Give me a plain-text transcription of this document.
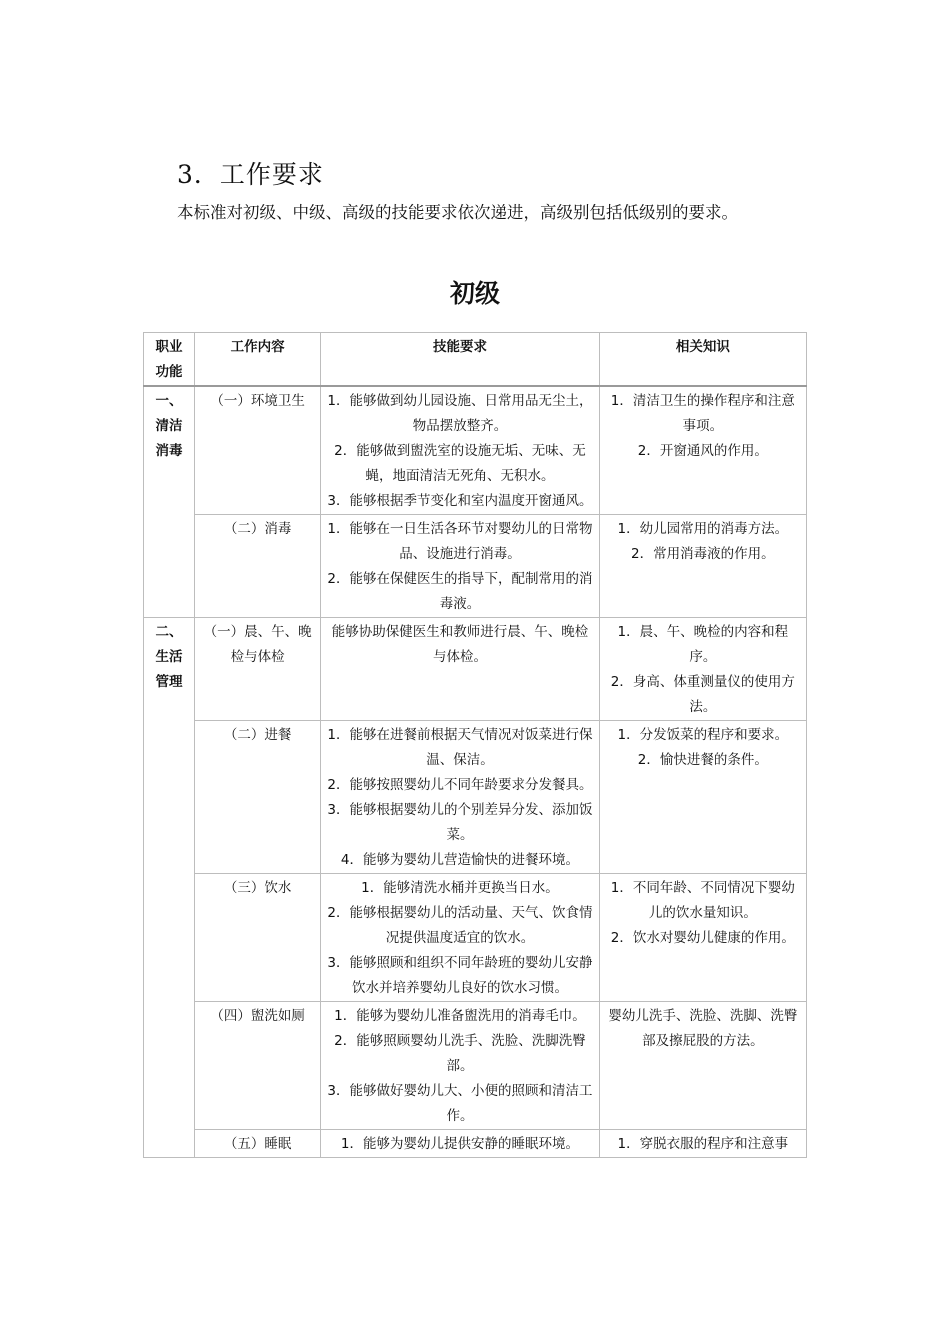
3．工作要求
本标准对初级、中级、高级的技能要求依次递进，高级别包括低级别的要求。
初级
职业功能	工作内容	技能要求	相关知识
一、清洁消毒	（一）环境卫生	1．能够做到幼儿园设施、日常用品无尘土，物品摆放整齐。
2．能够做到盥洗室的设施无垢、无味、无蝇，地面清洁无死角、无积水。
3．能够根据季节变化和室内温度开窗通风。	1．清洁卫生的操作程序和注意事项。
2．开窗通风的作用。

	（二）消毒	1．能够在一日生活各环节对婴幼儿的日常物品、设施进行消毒。
2．能够在保健医生的指导下，配制常用的消毒液。	1．幼儿园常用的消毒方法。
2．常用消毒液的作用。

二、生活管理	（一）晨、午、晚检与体检	能够协助保健医生和教师进行晨、午、晚检与体检。	1．晨、午、晚检的内容和程序。
2．身高、体重测量仪的使用方法。

	（二）进餐	1．能够在进餐前根据天气情况对饭菜进行保温、保洁。
2．能够按照婴幼儿不同年龄要求分发餐具。
3．能够根据婴幼儿的个别差异分发、添加饭菜。
4．能够为婴幼儿营造愉快的进餐环境。	1．分发饭菜的程序和要求。
2．愉快进餐的条件。

	（三）饮水	1．能够清洗水桶并更换当日水。
2．能够根据婴幼儿的活动量、天气、饮食情况提供温度适宜的饮水。
3．能够照顾和组织不同年龄班的婴幼儿安静饮水并培养婴幼儿良好的饮水习惯。	1．不同年龄、不同情况下婴幼儿的饮水量知识。
2．饮水对婴幼儿健康的作用。

	（四）盥洗如厕	1．能够为婴幼儿准备盥洗用的消毒毛巾。
2．能够照顾婴幼儿洗手、洗脸、洗脚洗臀部。
3．能够做好婴幼儿大、小便的照顾和清洁工作。	婴幼儿洗手、洗脸、洗脚、洗臀部及擦屁股的方法。

	（五）睡眠	1．能够为婴幼儿提供安静的睡眠环境。	1．穿脱衣服的程序和注意事
